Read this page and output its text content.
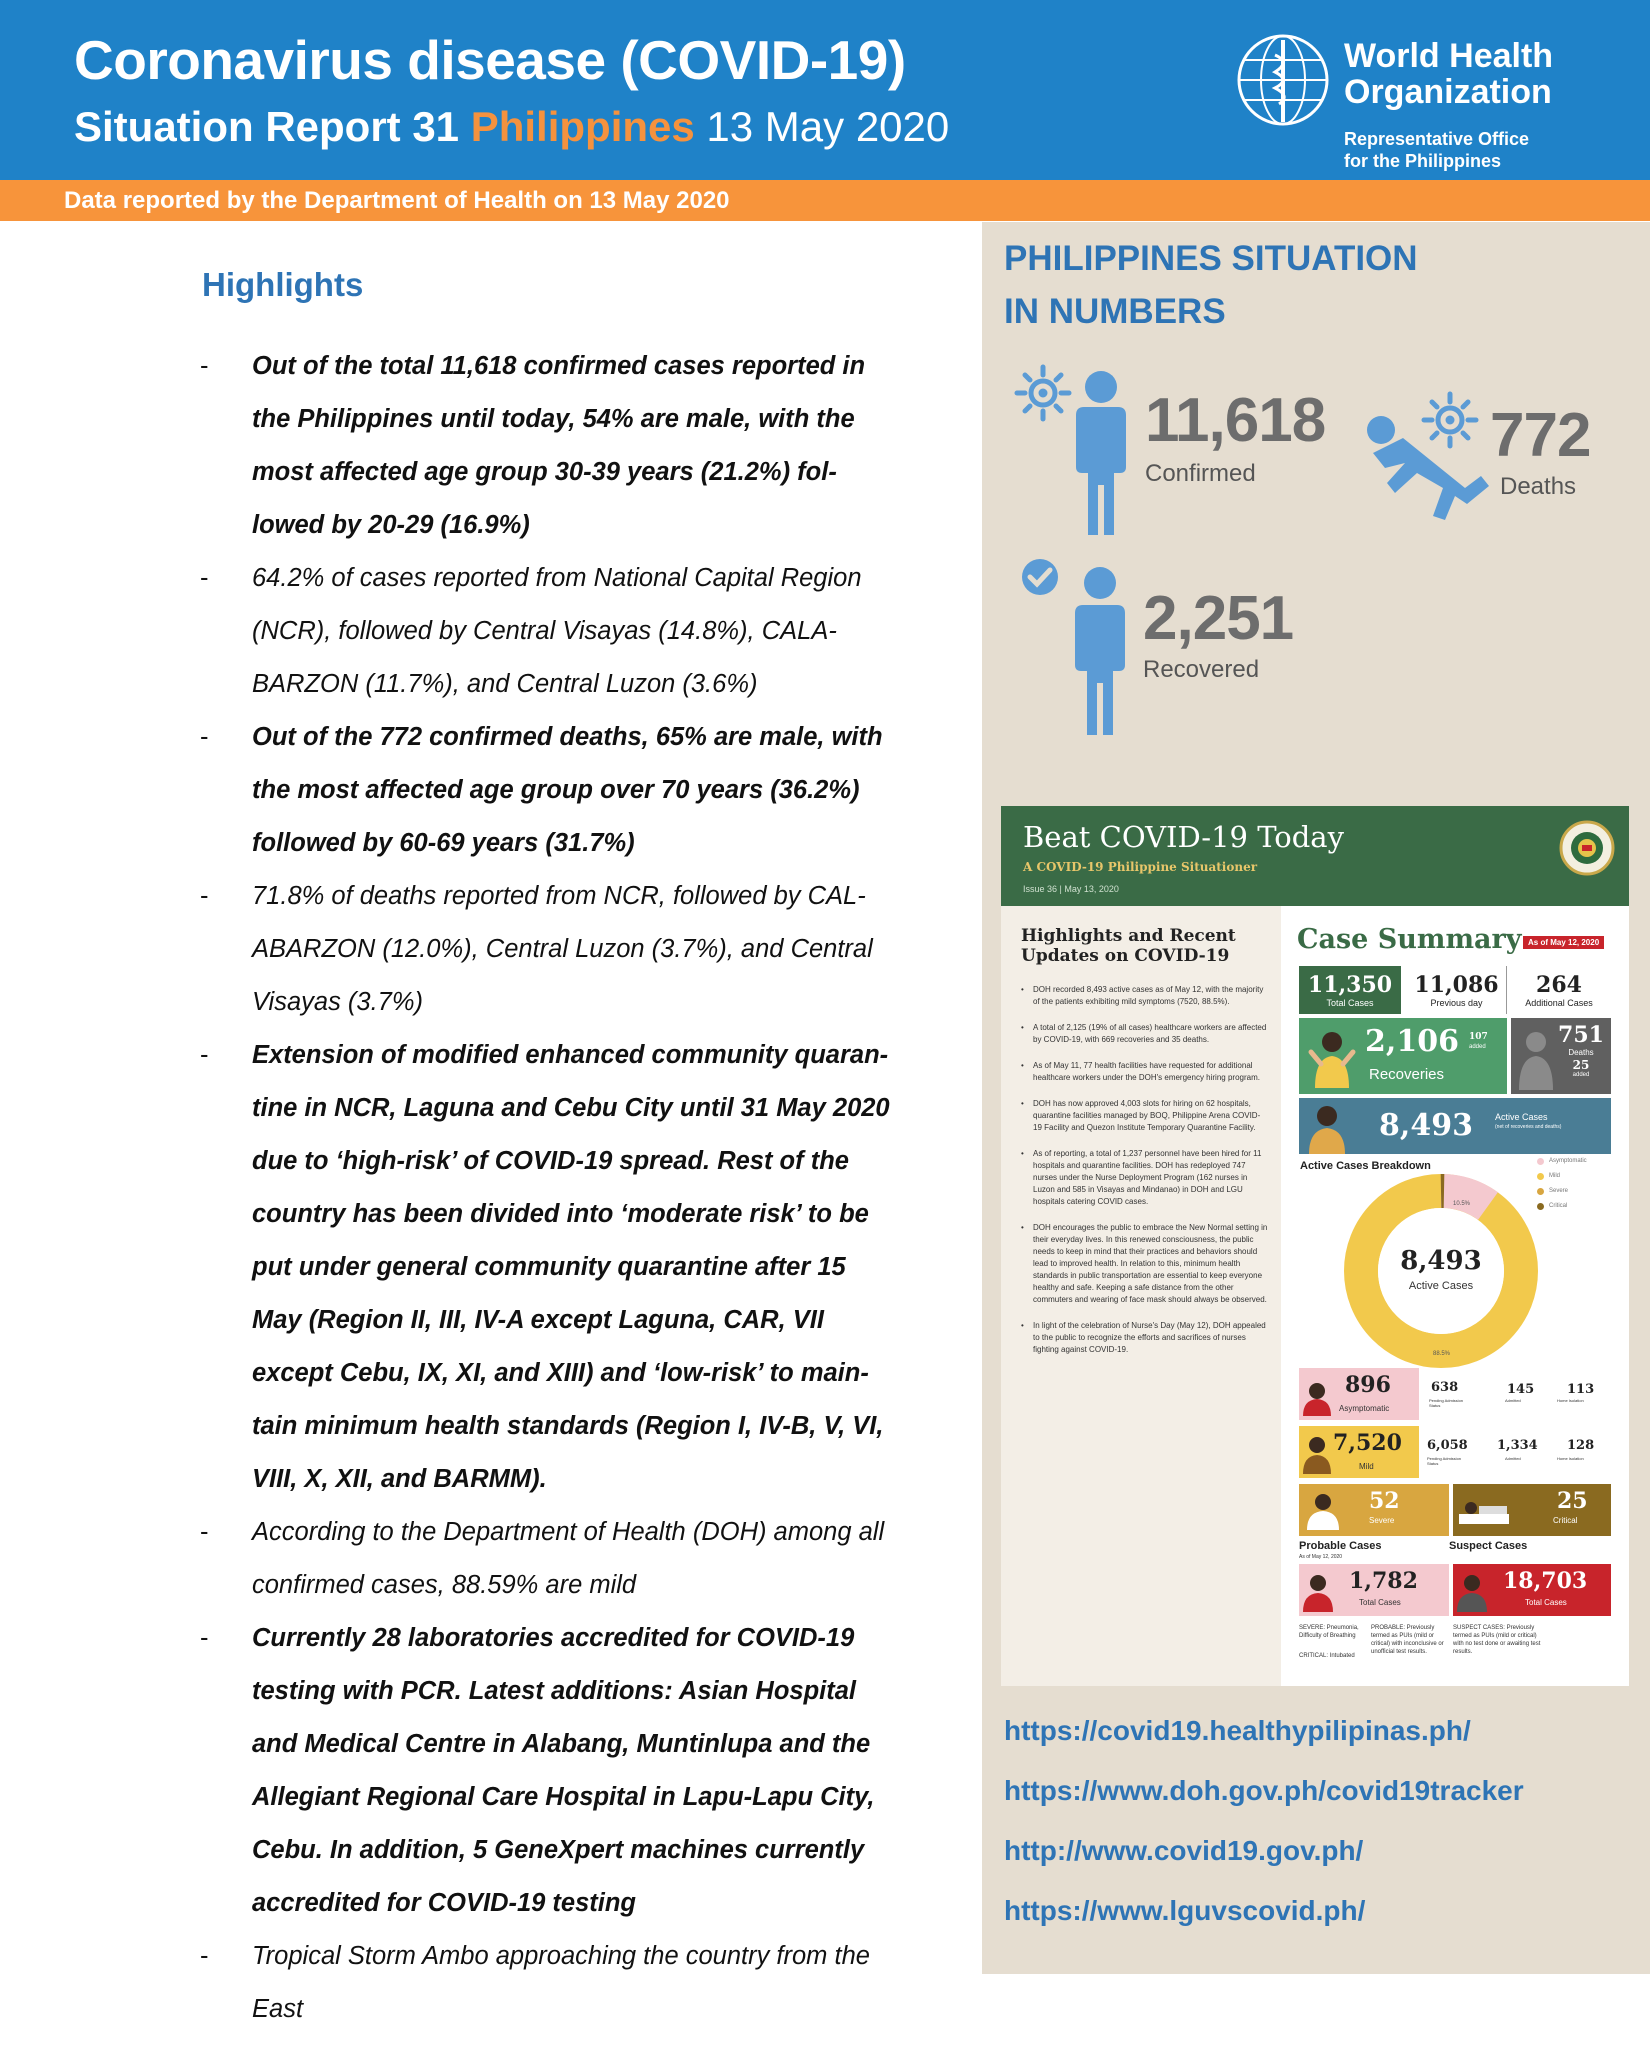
Coronavirus disease (COVID-19)
Situation Report 31 Philippines 13 May 2020
World Health
Organization
Representative Office
for the Philippines
Data reported by the Department of Health on 13 May 2020
Highlights
- Out of the total 11,618 confirmed cases reported in the Philippines until today, 54% are male, with the most affected age group 30-39 years (21.2%) fol-lowed by 20-29 (16.9%)
- 64.2% of cases reported from National Capital Region (NCR), followed by Central Visayas (14.8%), CALA-BARZON (11.7%), and Central Luzon (3.6%)
- Out of the 772 confirmed deaths, 65% are male, with the most affected age group over 70 years (36.2%) followed by 60-69 years (31.7%)
- 71.8% of deaths reported from NCR, followed by CAL-ABARZON (12.0%), Central Luzon (3.7%), and Central Visayas (3.7%)
- Extension of modified enhanced community quaran-tine in NCR, Laguna and Cebu City until 31 May 2020 due to ‘high-risk’ of COVID-19 spread. Rest of the country has been divided into ‘moderate risk’ to be put under general community quarantine after 15 May (Region II, III, IV-A except Laguna, CAR, VII except Cebu, IX, XI, and XIII) and ‘low-risk’ to main-tain minimum health standards (Region I, IV-B, V, VI, VIII, X, XII, and BARMM).
- According to the Department of Health (DOH) among all confirmed cases, 88.59% are mild
- Currently 28 laboratories accredited for COVID-19 testing with PCR. Latest additions: Asian Hospital and Medical Centre in Alabang, Muntinlupa and the Allegiant Regional Care Hospital in Lapu-Lapu City, Cebu. In addition, 5 GeneXpert machines currently accredited for COVID-19 testing
- Tropical Storm Ambo approaching the country from the East
PHILIPPINES SITUATION
IN NUMBERS
11,618
Confirmed
772
Deaths
2,251
Recovered
Beat COVID-19 Today
A COVID-19 Philippine Situationer
Issue 36 | May 13, 2020
Highlights and Recent Updates on COVID-19
• DOH recorded 8,493 active cases as of May 12, with the majority of the patients exhibiting mild symptoms (7520, 88.5%).
• A total of 2,125 (19% of all cases) healthcare workers are affected by COVID-19, with 669 recoveries and 35 deaths.
• As of May 11, 77 health facilities have requested for additional healthcare workers under the DOH's emergency hiring program.
• DOH has now approved 4,003 slots for hiring on 62 hospitals, quarantine facilities managed by BOQ, Philippine Arena COVID-19 Facility and Quezon Institute Temporary Quarantine Facility.
• As of reporting, a total of 1,237 personnel have been hired for 11 hospitals and quarantine facilities. DOH has redeployed 747 nurses under the Nurse Deployment Program (162 nurses in Luzon and 585 in Visayas and Mindanao) in DOH and LGU hospitals catering COVID cases.
• DOH encourages the public to embrace the New Normal setting in their everyday lives. In this renewed consciousness, the public needs to keep in mind that their practices and behaviors should lead to improved health. In relation to this, minimum health standards in public transportation are essential to keep everyone healthy and safe. Keeping a safe distance from the other commuters and wearing of face mask should always be observed.
• In light of the celebration of Nurse's Day (May 12), DOH appealed to the public to recognize the efforts and sacrifices of nurses fighting against COVID-19.
Case Summary As of May 12, 2020
11,350
Total Cases
11,086
Previous day
264
Additional Cases
2,106 107
added
Recoveries
751
Deaths
25
added
8,493 Active Cases
(net of recoveries and deaths)
Active Cases Breakdown	Asymptomatic
Mild
Severe
Critical
8,493
Active Cases
10.5%
88.5%
896
Asymptomatic
638
Pending Admission Status
145
Admitted
113
Home Isolation
7,520
Mild
6,058
Pending Admission Status
1,334
Admitted
128
Home Isolation
52
Severe
25
Critical
Probable Cases
As of May 12, 2020
Suspect Cases
1,782
Total Cases
18,703
Total Cases
SEVERE: Pneumonia, Difficulty of Breathing
CRITICAL: Intubated
PROBABLE: Previously termed as PUIs (mild or critical) with inconclusive or unofficial test results.
SUSPECT CASES: Previously termed as PUIs (mild or critical) with no test done or awaiting test results.
https://covid19.healthypilipinas.ph/
https://www.doh.gov.ph/covid19tracker
http://www.covid19.gov.ph/
https://www.lguvscovid.ph/
